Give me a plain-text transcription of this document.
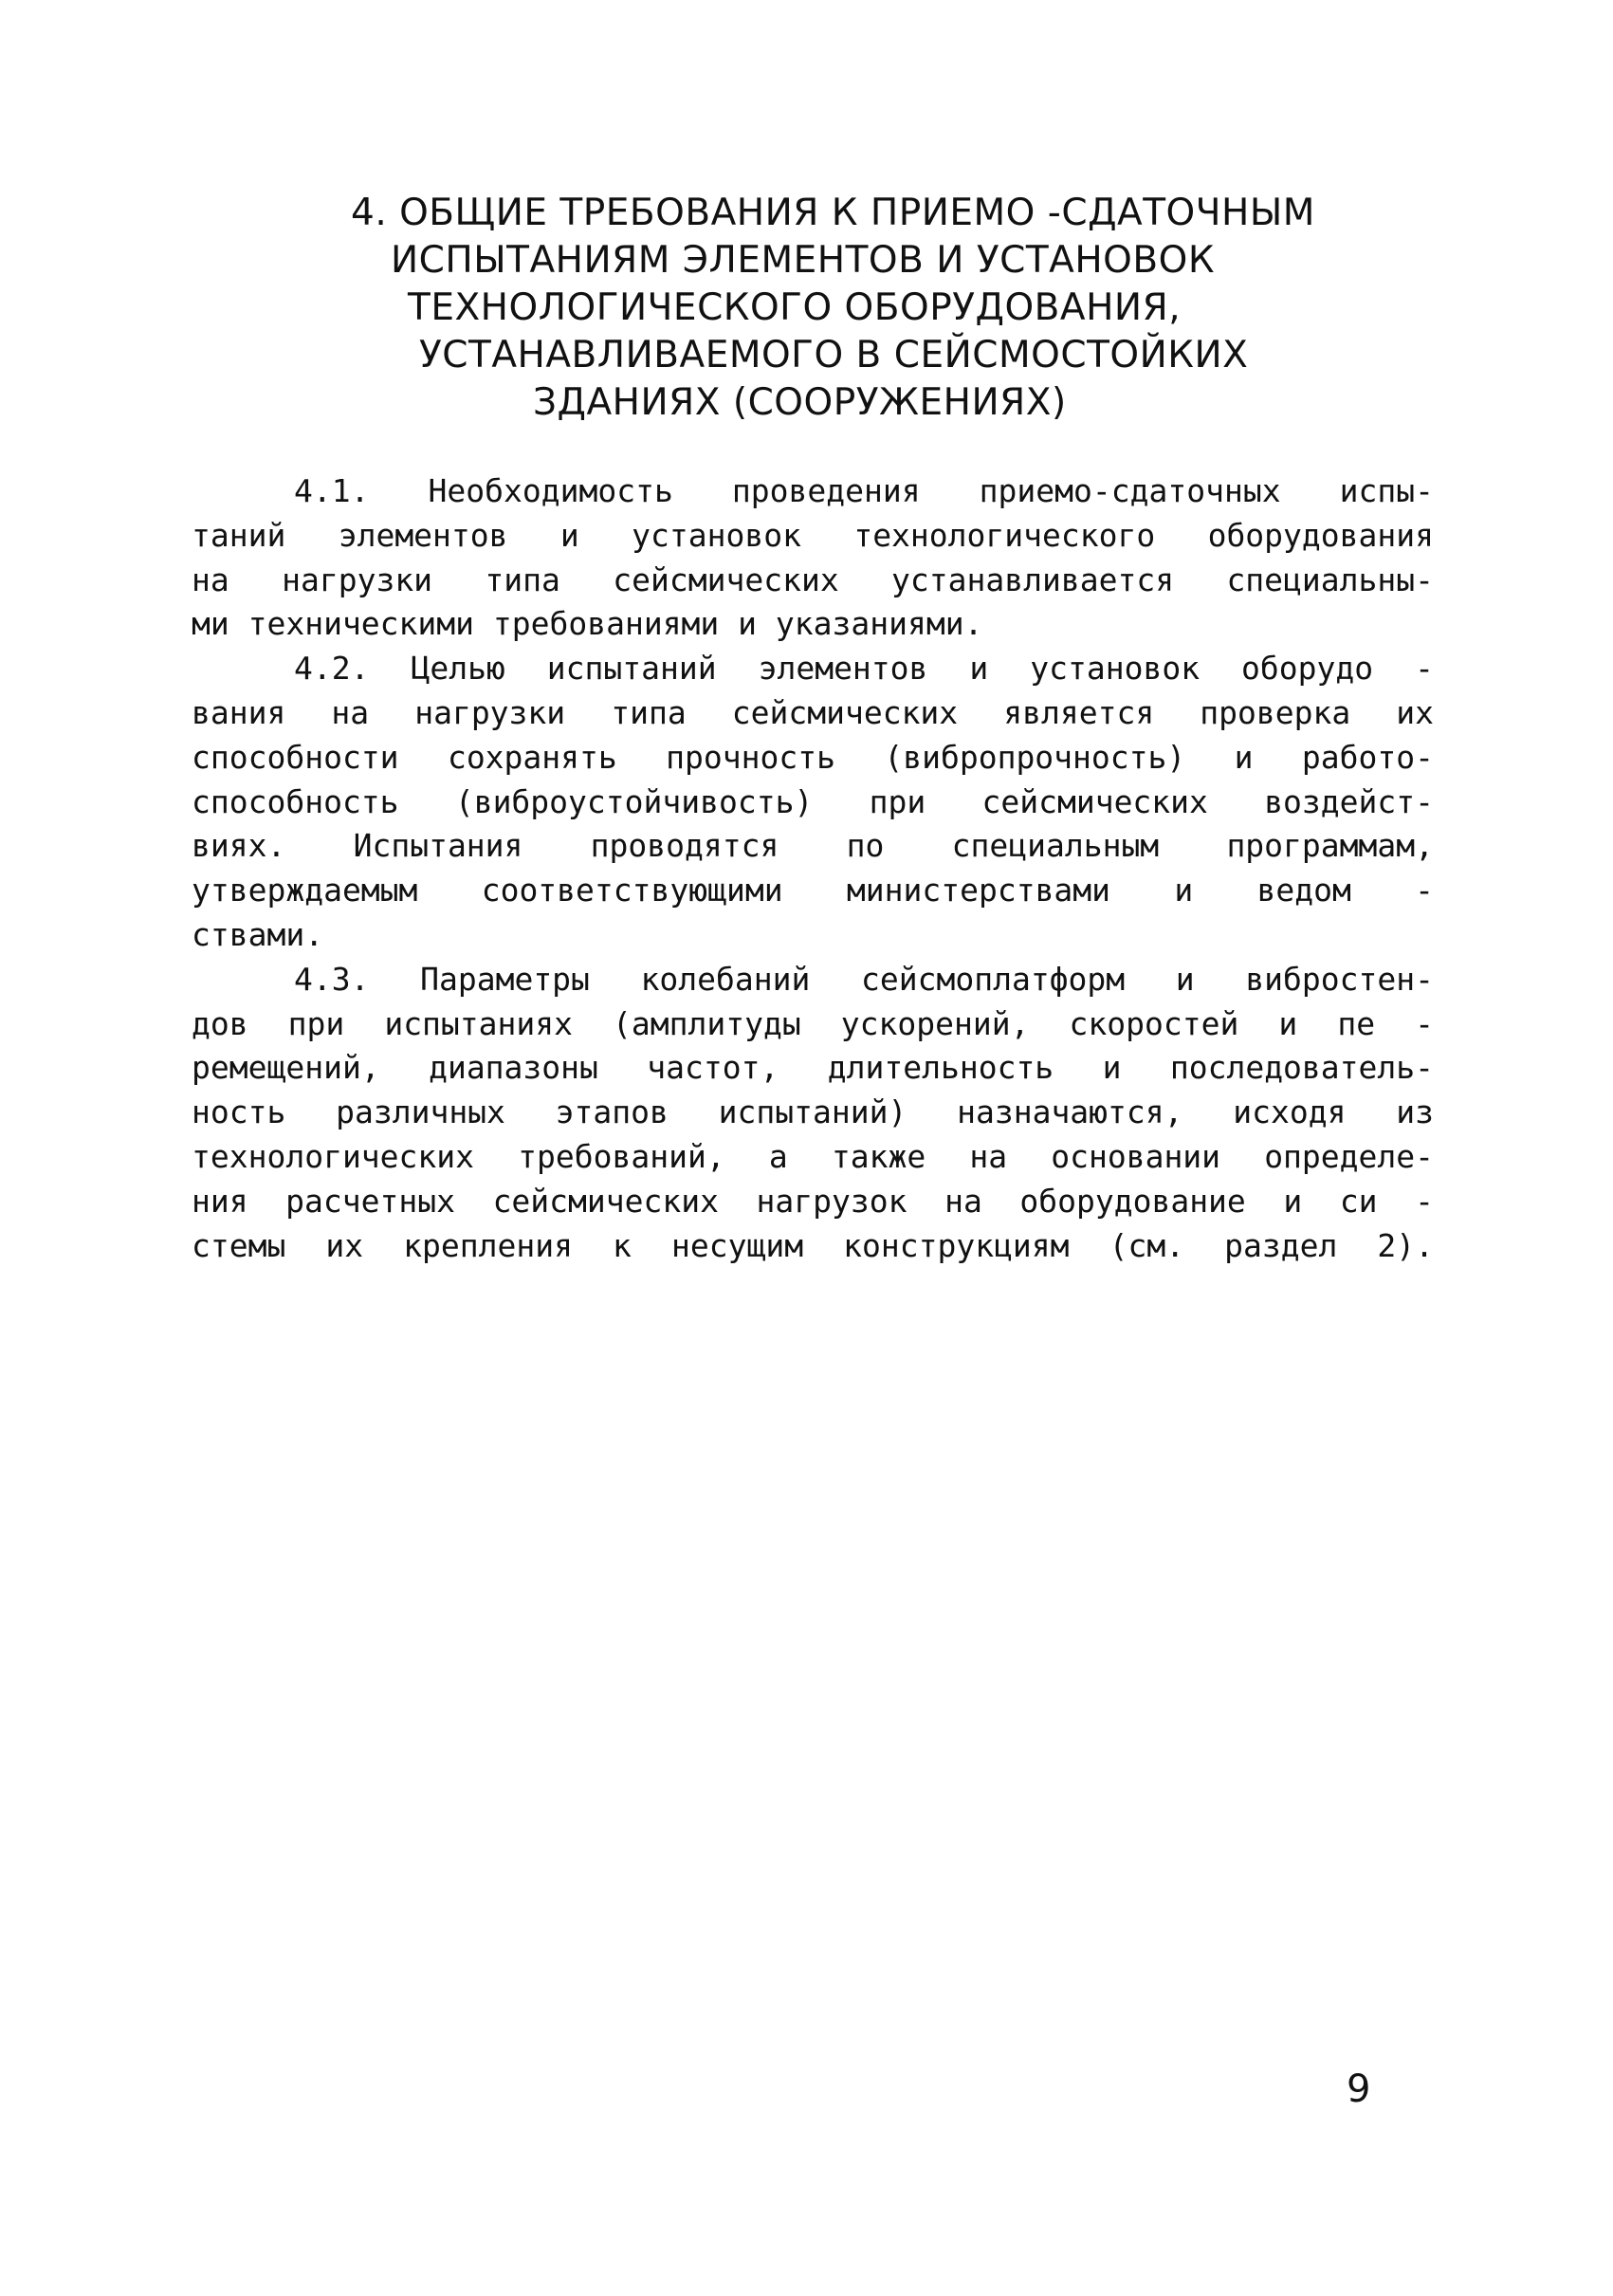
4. ОБЩИЕ ТРЕБОВАНИЯ К ПРИЕМО -СДАТОЧНЫМ
ИСПЫТАНИЯМ ЭЛЕМЕНТОВ И УСТАНОВОК
ТЕХНОЛОГИЧЕСКОГО ОБОРУДОВАНИЯ,
УСТАНАВЛИВАЕМОГО В СЕЙСМОСТОЙКИХ
ЗДАНИЯХ (СООРУЖЕНИЯХ)
4.1. Необходимость проведения приемо-сдаточных испы-
таний элементов и установок технологического оборудования
на нагрузки типа сейсмических устанавливается специальны-
ми техническими требованиями и указаниями.
4.2. Целью испытаний элементов и установок оборудо -
вания на нагрузки типа сейсмических является проверка их
способности сохранять прочность (вибропрочность) и работо-
способность (виброустойчивость) при сейсмических воздейст-
виях. Испытания проводятся по специальным программам,
утверждаемым соответствующими министерствами и ведом -
ствами.
4.3. Параметры колебаний сейсмоплатформ и вибростен-
дов при испытаниях (амплитуды ускорений, скоростей и пе -
ремещений, диапазоны частот, длительность и последователь-
ность различных этапов испытаний) назначаются, исходя из
технологических требований, а также на основании определе-
ния расчетных сейсмических нагрузок на оборудование и си -
стемы их крепления к несущим конструкциям (см. раздел 2).
9
